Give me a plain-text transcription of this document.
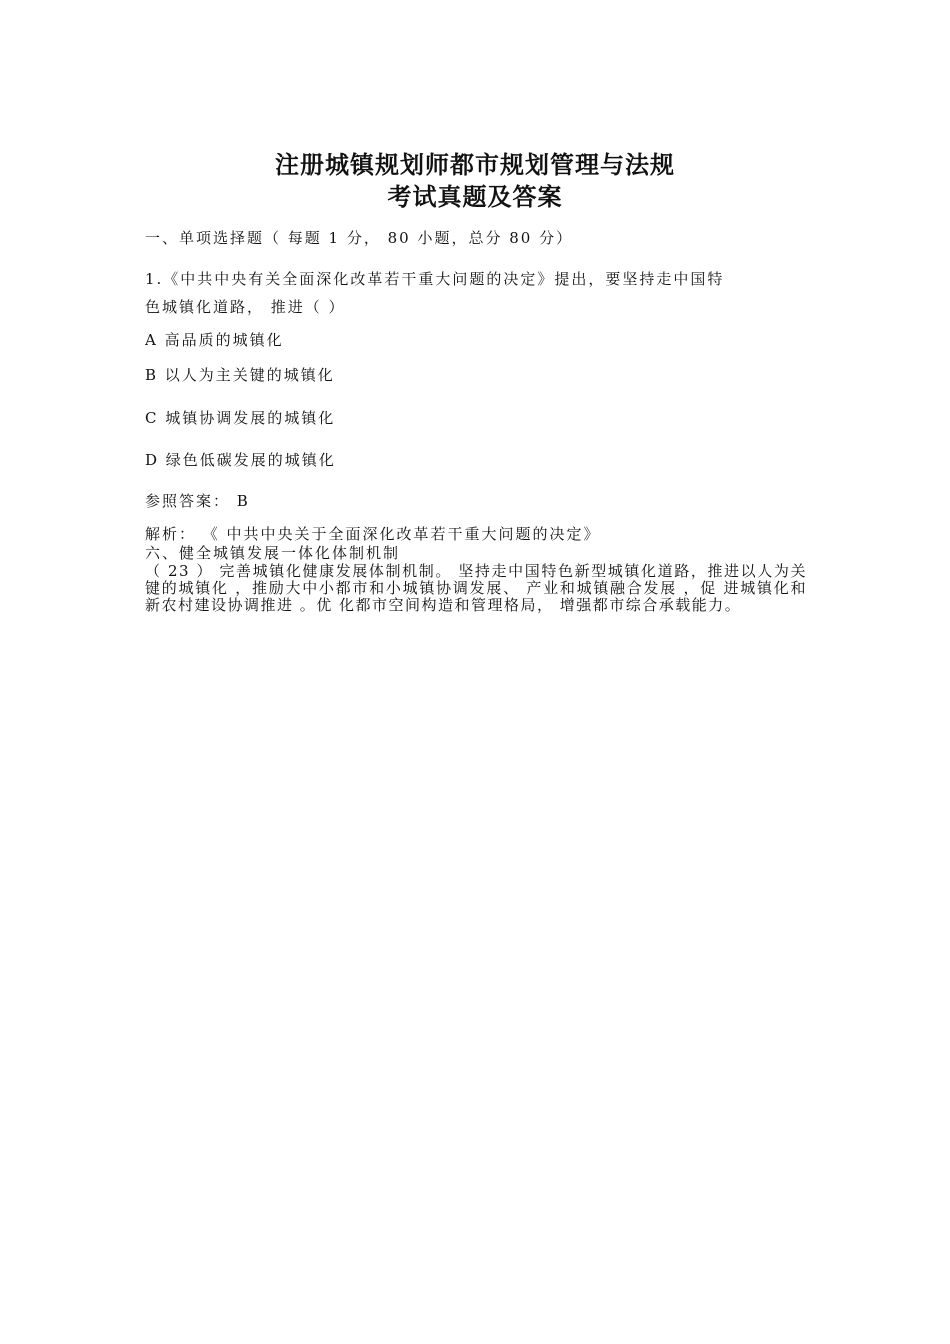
注册城镇规划师都市规划管理与法规
考试真题及答案

一、单项选择题（ 每题 1 分， 80 小题，总分 80 分）

1.《中共中央有关全面深化改革若干重大问题的决定》提出，要坚持走中国特

色城镇化道路， 推进（ ）

A 高品质的城镇化

B 以人为主关键的城镇化

C 城镇协调发展的城镇化

D 绿色低碳发展的城镇化

参照答案： B

解析： 《 中共中央关于全面深化改革若干重大问题的决定》

六、健全城镇发展一体化体制机制

（ 23 ） 完善城镇化健康发展体制机制。 坚持走中国特色新型城镇化道路，推进以人为关键的城镇化 ，推励大中小都市和小城镇协调发展、 产业和城镇融合发展 ，促 进城镇化和新农村建设协调推进 。优 化都市空间构造和管理格局， 增强都市综合承载能力。
